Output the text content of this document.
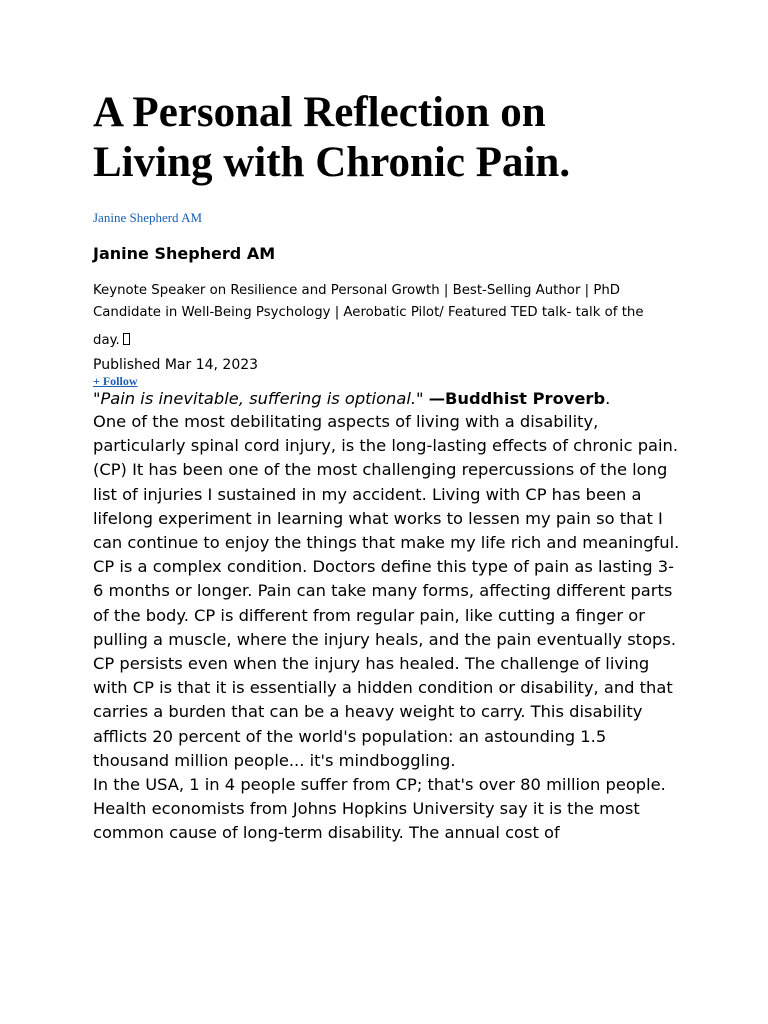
A Personal Reflection on
Living with Chronic Pain.
Janine Shepherd AM
Janine Shepherd AM
Keynote Speaker on Resilience and Personal Growth | Best-Selling Author | PhD Candidate in Well-Being Psychology | Aerobatic Pilot/ Featured TED talk- talk of the
day.
Published Mar 14, 2023
+ Follow
"Pain is inevitable, suffering is optional." —Buddhist Proverb.

One of the most debilitating aspects of living with a disability, particularly spinal cord injury, is the long-lasting effects of chronic pain. (CP) It has been one of the most challenging repercussions of the long list of injuries I sustained in my accident. Living with CP has been a lifelong experiment in learning what works to lessen my pain so that I can continue to enjoy the things that make my life rich and meaningful.

CP is a complex condition. Doctors define this type of pain as lasting 3-6 months or longer. Pain can take many forms, affecting different parts of the body. CP is different from regular pain, like cutting a finger or pulling a muscle, where the injury heals, and the pain eventually stops. CP persists even when the injury has healed. The challenge of living with CP is that it is essentially a hidden condition or disability, and that carries a burden that can be a heavy weight to carry. This disability afflicts 20 percent of the world's population: an astounding 1.5 thousand million people... it's mindboggling.

In the USA, 1 in 4 people suffer from CP; that's over 80 million people. Health economists from Johns Hopkins University say it is the most common cause of long-term disability. The annual cost of
